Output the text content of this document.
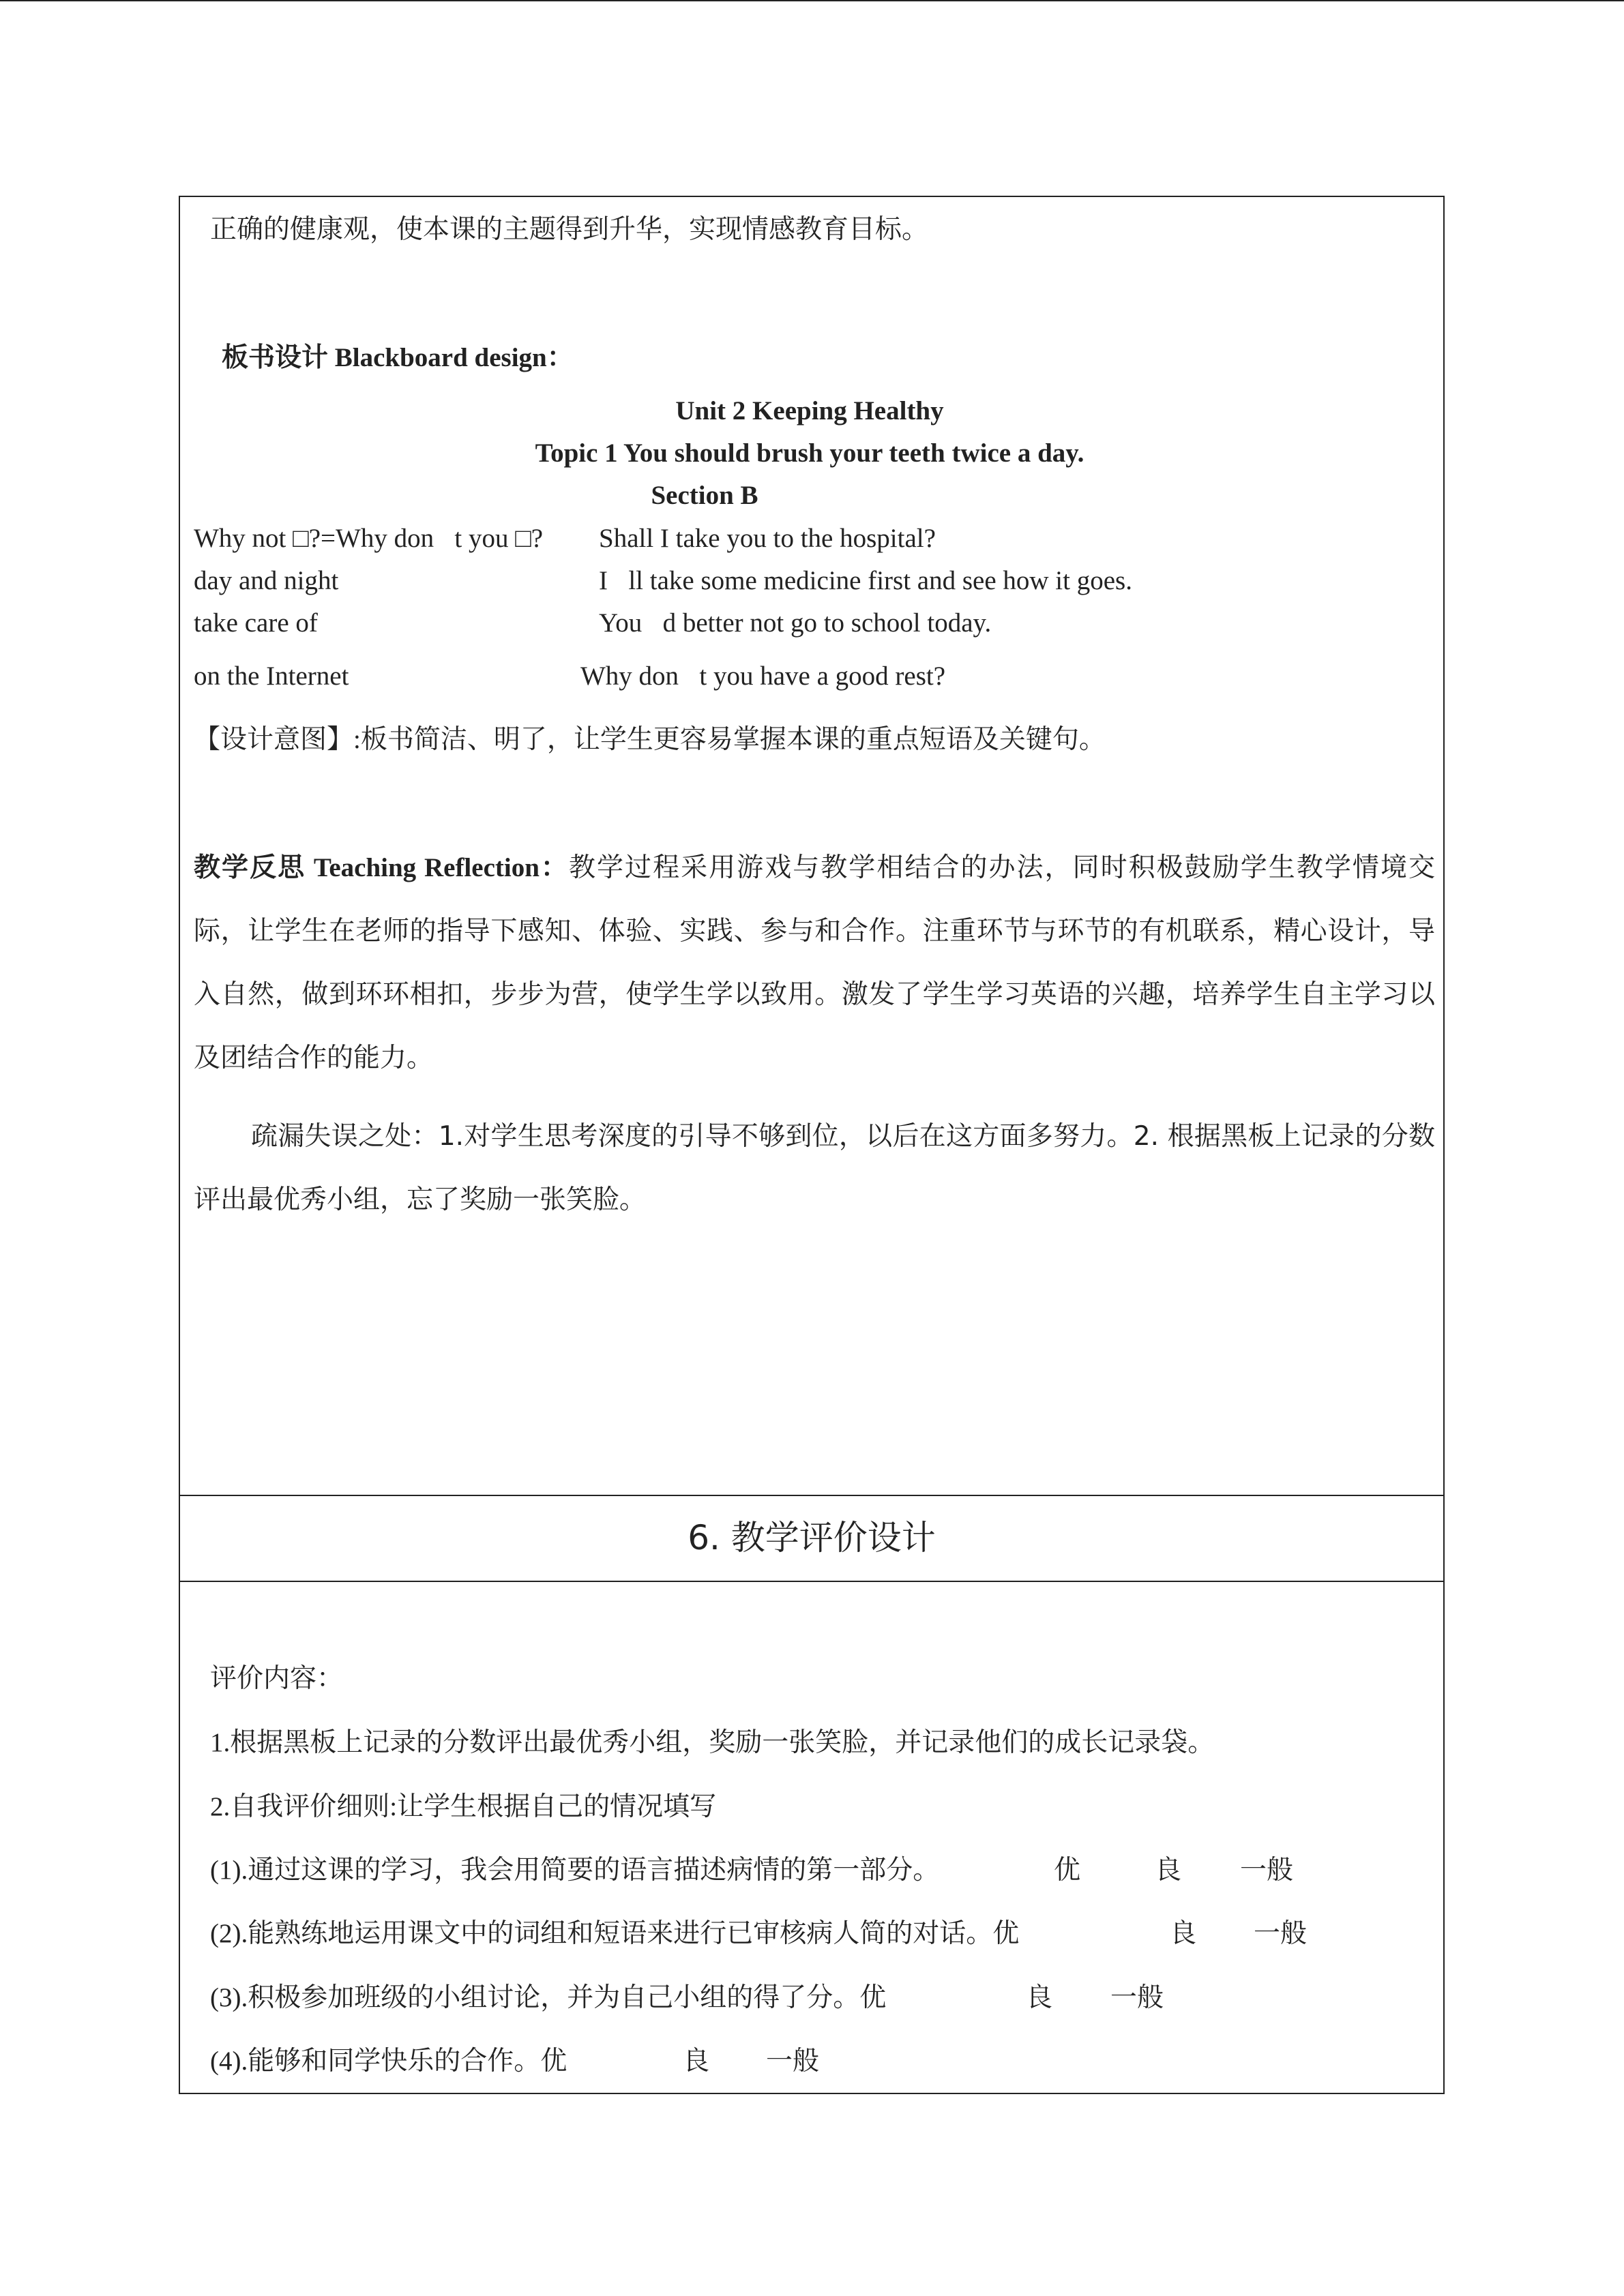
正确的健康观，使本课的主题得到升华，实现情感教育目标。
板书设计 Blackboard design：
Unit 2 Keeping Healthy
Topic 1 You should brush your teeth twice a day.
Section B
Why not □?=Why don t you □? Shall I take you to the hospital?
day and night	I ll take some medicine first and see how it goes.
take care of	You d better not go to school today.
on the Internet	Why don t you have a good rest?
【设计意图】:板书简洁、明了，让学生更容易掌握本课的重点短语及关键句。

教学反思 Teaching Reflection：教学过程采用游戏与教学相结合的办法，同时积极鼓励学生教学情境交际，让学生在老师的指导下感知、体验、实践、参与和合作。注重环节与环节的有机联系，精心设计，导入自然，做到环环相扣，步步为营，使学生学以致用。激发了学生学习英语的兴趣，培养学生自主学习以及团结合作的能力。

疏漏失误之处：1.对学生思考深度的引导不够到位，以后在这方面多努力。2. 根据黑板上记录的分数评出最优秀小组，忘了奖励一张笑脸。

6. 教学评价设计
评价内容：
1.根据黑板上记录的分数评出最优秀小组，奖励一张笑脸，并记录他们的成长记录袋。
2.自我评价细则:让学生根据自己的情况填写
(1).通过这课的学习，我会用简要的语言描述病情的第一部分。	优	良 一般
(2).能熟练地运用课文中的词组和短语来进行已审核病人简的对话。优	良 一般
(3).积极参加班级的小组讨论，并为自己小组的得了分。优	良 一般
(4).能够和同学快乐的合作。优	良 一般
